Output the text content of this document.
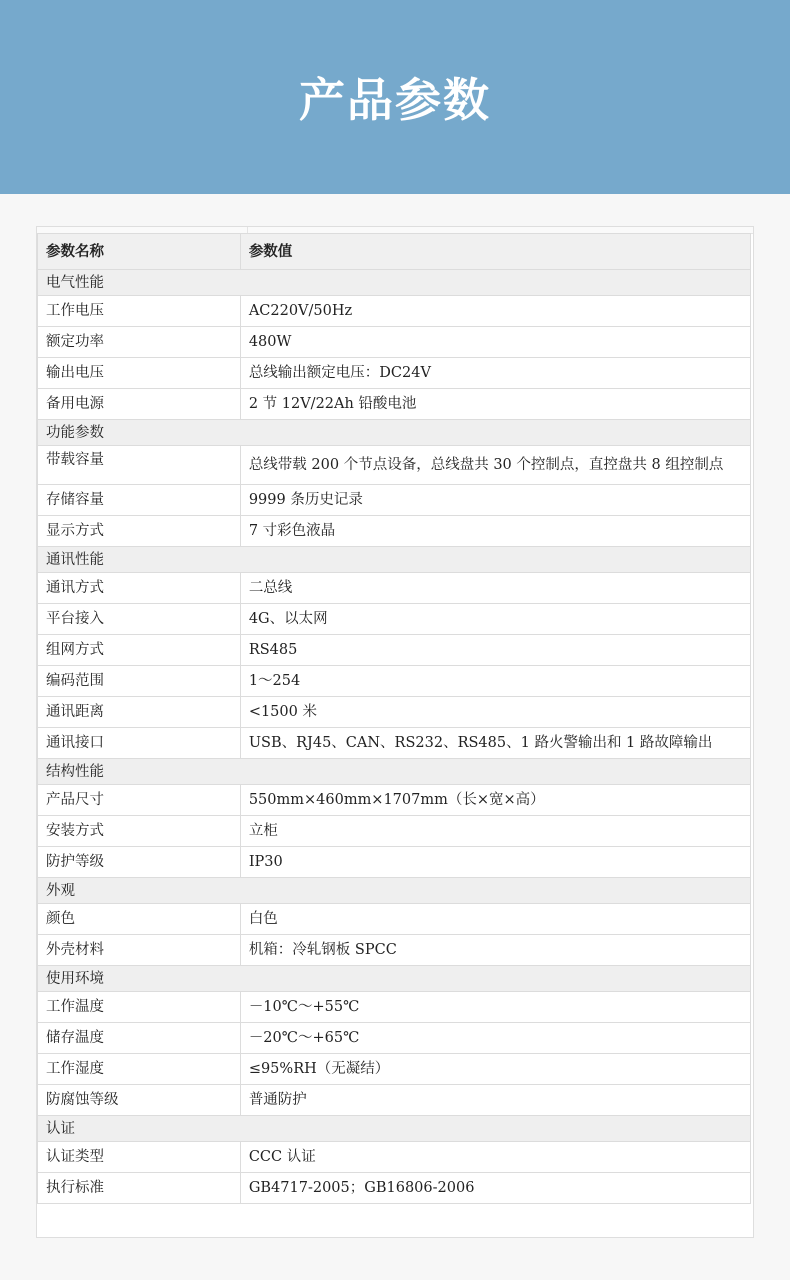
产品参数
参数名称	参数值
电气性能	
工作电压	AC220V/50Hz
额定功率	480W
输出电压	总线输出额定电压：DC24V
备用电源	2 节 12V/22Ah 铅酸电池
功能参数	
带载容量	总线带载 200 个节点设备，总线盘共 30 个控制点，直控盘共 8 组控制点
存储容量	9999 条历史记录
显示方式	7 寸彩色液晶
通讯性能	
通讯方式	二总线
平台接入	4G、以太网
组网方式	RS485
编码范围	1～254
通讯距离	<1500 米
通讯接口	USB、RJ45、CAN、RS232、RS485、1 路火警输出和 1 路故障输出
结构性能	
产品尺寸	550mm×460mm×1707mm（长×宽×高）
安装方式	立柜
防护等级	IP30
外观	
颜色	白色
外壳材料	机箱：冷轧钢板 SPCC
使用环境	
工作温度	－10℃～+55℃
储存温度	－20℃～+65℃
工作湿度	≤95%RH（无凝结）
防腐蚀等级	普通防护
认证	
认证类型	CCC 认证
执行标准	GB4717-2005；GB16806-2006
